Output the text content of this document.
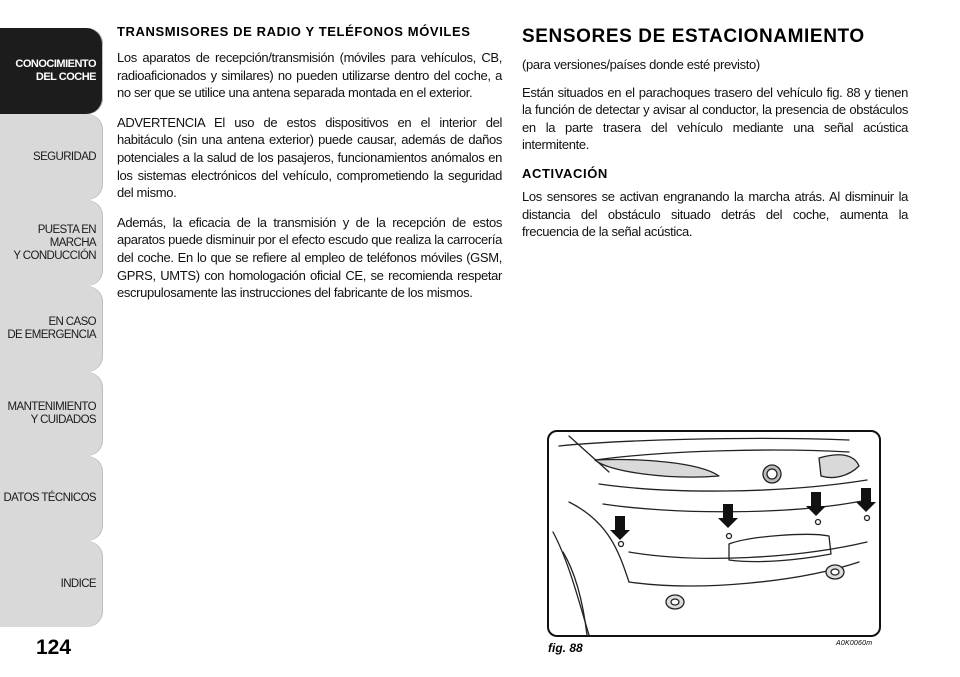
CONOCIMIENTO
DEL COCHE
SEGURIDAD
PUESTA EN MARCHA
Y CONDUCCIÓN
EN CASO
DE EMERGENCIA
MANTENIMIENTO
Y CUIDADOS
DATOS TÉCNICOS
INDICE
124
TRANSMISORES DE RADIO Y TELÉFONOS MÓVILES

Los aparatos de recepción/transmisión (móviles para vehículos, CB, radioaficionados y similares) no pueden utilizarse dentro del coche, a no ser que se utilice una antena separada montada en el exterior.

ADVERTENCIA El uso de estos dispositivos en el interior del habitáculo (sin una antena exterior) puede causar, además de daños potenciales a la salud de los pasajeros, funcionamientos anómalos en los sistemas electrónicos del vehículo, comprometiendo la seguridad del mismo.

Además, la eficacia de la transmisión y de la recepción de estos aparatos puede disminuir por el efecto escudo que realiza la carrocería del coche. En lo que se refiere al empleo de teléfonos móviles (GSM, GPRS, UMTS) con homologación oficial CE, se recomienda respetar escrupulosamente las instrucciones del fabricante de los mismos.

SENSORES DE ESTACIONAMIENTO

(para versiones/países donde esté previsto)

Están situados en el parachoques trasero del vehículo fig. 88 y tienen la función de detectar y avisar al conductor, la presencia de obstáculos en la parte trasera del vehículo mediante una señal acústica intermitente.

ACTIVACIÓN

Los sensores se activan engranando la marcha atrás. Al disminuir la distancia del obstáculo situado detrás del coche, aumenta la frecuencia de la señal acústica.

fig. 88	A0K0060m
